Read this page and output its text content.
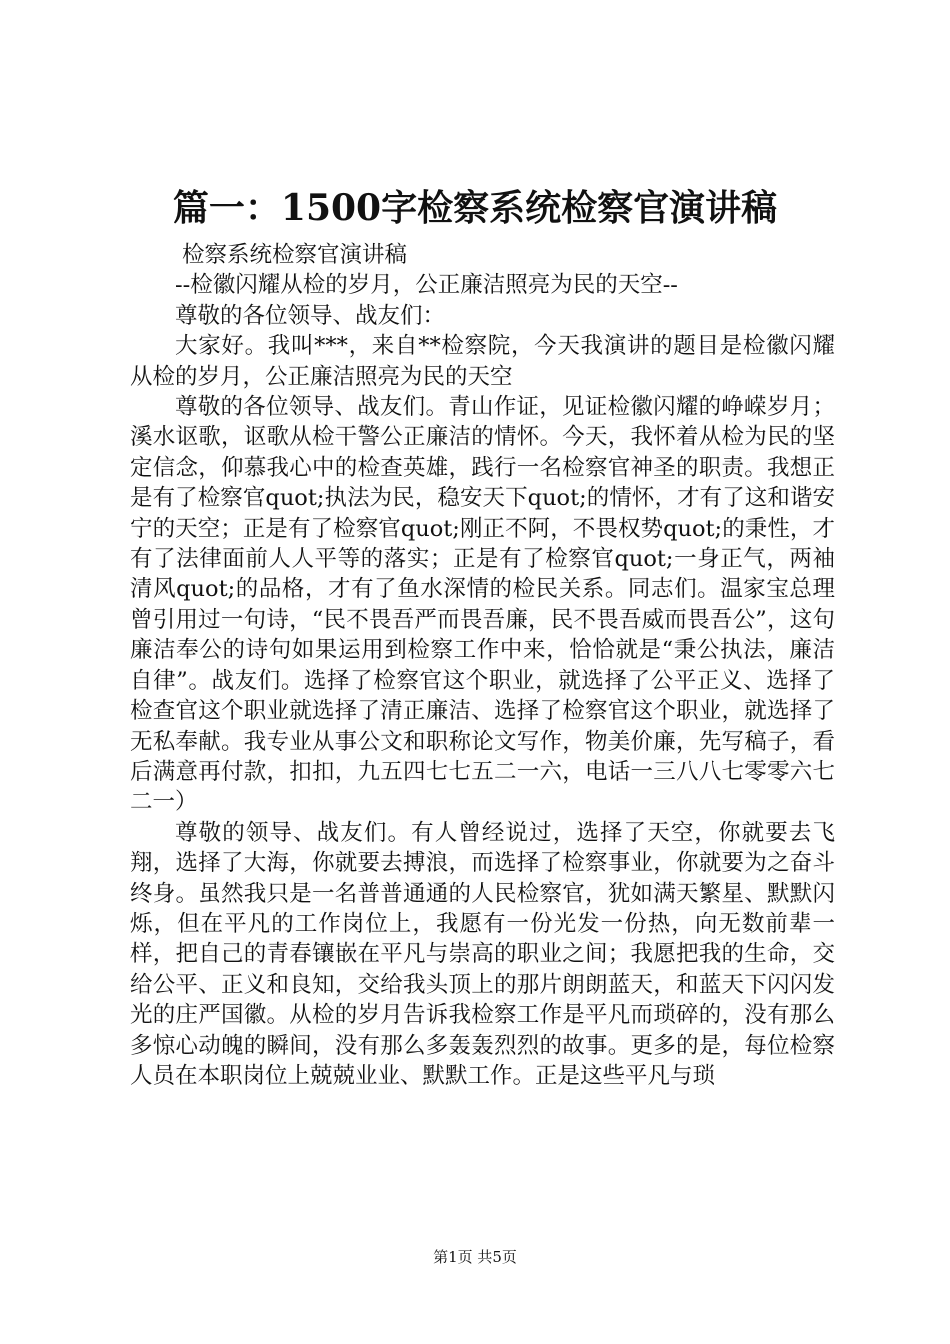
篇一：1500字检察系统检察官演讲稿

检察系统检察官演讲稿

--检徽闪耀从检的岁月，公正廉洁照亮为民的天空--

尊敬的各位领导、战友们：

大家好。我叫***，来自**检察院，今天我演讲的题目是检徽闪耀从检的岁月，公正廉洁照亮为民的天空

尊敬的各位领导、战友们。青山作证，见证检徽闪耀的峥嵘岁月；溪水讴歌，讴歌从检干警公正廉洁的情怀。今天，我怀着从检为民的坚定信念，仰慕我心中的检查英雄，践行一名检察官神圣的职责。我想正是有了检察官quot;执法为民，稳安天下quot;的情怀，才有了这和谐安宁的天空；正是有了检察官quot;刚正不阿，不畏权势quot;的秉性，才有了法律面前人人平等的落实；正是有了检察官quot;一身正气，两袖清风quot;的品格，才有了鱼水深情的检民关系。同志们。温家宝总理曾引用过一句诗，“民不畏吾严而畏吾廉，民不畏吾威而畏吾公”，这句廉洁奉公的诗句如果运用到检察工作中来，恰恰就是“秉公执法，廉洁自律”。战友们。选择了检察官这个职业，就选择了公平正义、选择了检查官这个职业就选择了清正廉洁、选择了检察官这个职业，就选择了无私奉献。我专业从事公文和职称论文写作，物美价廉，先写稿子，看后满意再付款，扣扣，九五四七七五二一六，电话一三八八七零零六七二一）

尊敬的领导、战友们。有人曾经说过，选择了天空，你就要去飞翔，选择了大海，你就要去搏浪，而选择了检察事业，你就要为之奋斗终身。虽然我只是一名普普通通的人民检察官，犹如满天繁星、默默闪烁，但在平凡的工作岗位上，我愿有一份光发一份热，向无数前辈一样，把自己的青春镶嵌在平凡与崇高的职业之间；我愿把我的生命，交给公平、正义和良知，交给我头顶上的那片朗朗蓝天，和蓝天下闪闪发光的庄严国徽。从检的岁月告诉我检察工作是平凡而琐碎的，没有那么多惊心动魄的瞬间，没有那么多轰轰烈烈的故事。更多的是，每位检察人员在本职岗位上兢兢业业、默默工作。正是这些平凡与琐

第1页 共5页
